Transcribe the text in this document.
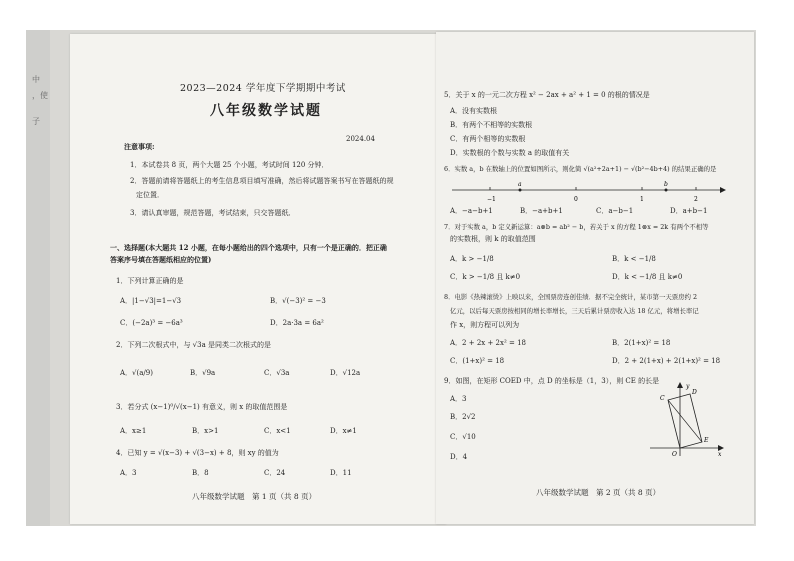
中
，使
子
2023—2024 学年度下学期期中考试
八年级数学试题
2024.04
注意事项:
1．本试卷共 8 页，两个大题 25 个小题，考试时间 120 分钟．
2．答题前请将答题纸上的考生信息项目填写准确，然后将试题答案书写在答题纸的规
定位置．
3．请认真审题，规范答题，考试结束，只交答题纸．
一、选择题(本大题共 12 小题，在每小题给出的四个选项中，只有一个是正确的．把正确
答案序号填在答题纸相应的位置)
1．下列计算正确的是
A．|1−√3|=1−√3	B．√(−3)² = −3
C．(−2a)³ = −6a³	D．2a·3a = 6a²
2．下列二次根式中，与 √3a 是同类二次根式的是
A．√(a/9)	B．√9a	C．√3a	D．√12a
3．若分式 (x−1)⁰/√(x−1) 有意义，则 x 的取值范围是
A．x≥1	B．x>1	C．x<1	D．x≠1
4．已知 y = √(x−3) + √(3−x) + 8，则 xy 的值为
A．3	B．8	C．24	D．11
八年级数学试题　第 1 页（共 8 页）
5．关于 x 的一元二次方程 x² − 2ax + a² + 1 = 0 的根的情况是
A．没有实数根
B．有两个不相等的实数根
C．有两个相等的实数根
D．实数根的个数与实数 a 的取值有关
6．实数 a，b 在数轴上的位置如图所示，则化简 √(a²+2a+1) − √(b²−4b+4) 的结果正确的是
−1
a
0	1
b
2
A．−a−b+1	B．−a+b+1	C．a−b−1	D．a+b−1
7．对于实数 a，b 定义新运算：a⊗b = ab² − b，若关于 x 的方程 1⊗x = 2k 有两个不相等
的实数根，则 k 的取值范围
A．k > −1/8	B．k < −1/8
C．k > −1/8 且 k≠0	D．k < −1/8 且 k≠0
8．电影《热辣滚烫》上映以来，全国票房连创佳绩．据不完全统计，某市第一天票房约 2
亿元，以后每天票房按相同的增长率增长，三天后累计票房收入达 18 亿元，将增长率记
作 x，则方程可以列为
A．2 + 2x + 2x² = 18	B．2(1+x)² = 18
C．(1+x)² = 18	D．2 + 2(1+x) + 2(1+x)² = 18
9．如图，在矩形 COED 中，点 D 的坐标是（1，3），则 CE 的长是
A．3
B．2√2
C．√10
D．4
y
C
D
E
O	x
八年级数学试题　第 2 页（共 8 页）
